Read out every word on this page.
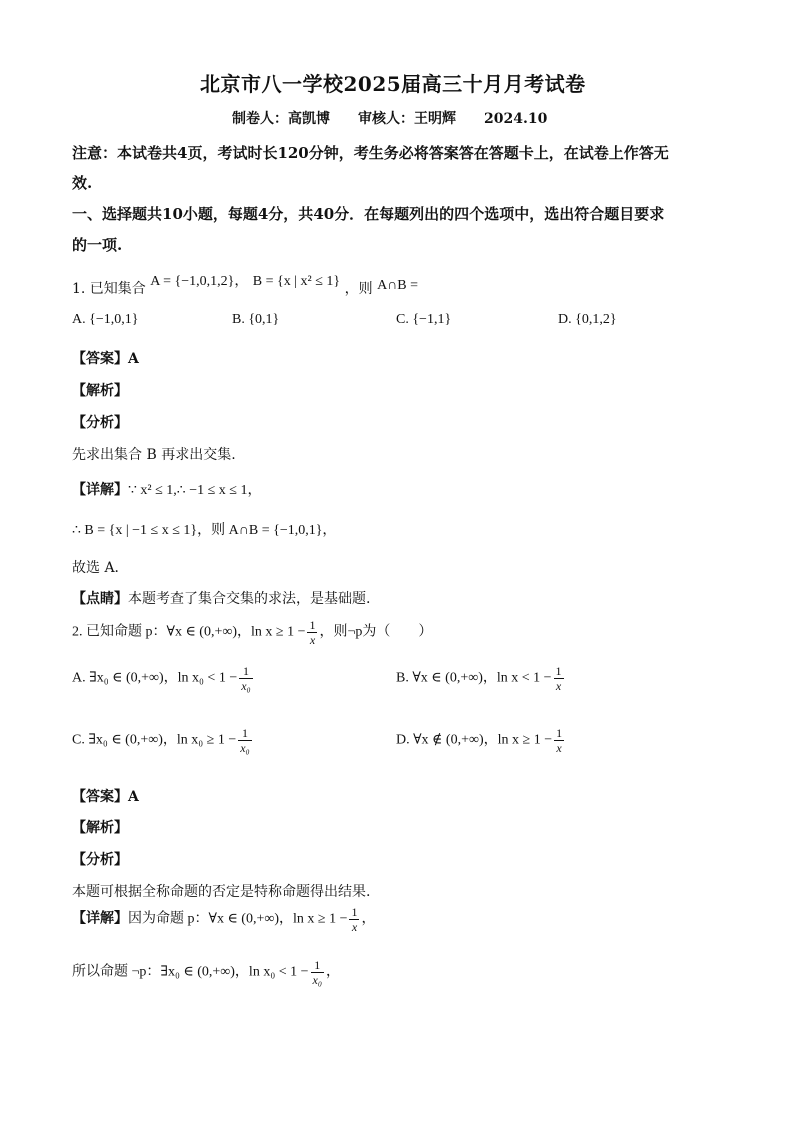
北京市八一学校2025届高三十月月考试卷
制卷人：高凯博　　审核人：王明辉　　2024.10
注意：本试卷共4页，考试时长120分钟，考生务必将答案答在答题卡上，在试卷上作答无
效.
一、选择题共10小题，每题4分，共40分．在每题列出的四个选项中，选出符合题目要求
的一项.
1. 已知集合 A = {−1,0,1,2}， B = {x | x² ≤ 1} ，则 A∩B =
A. {−1,0,1}	B. {0,1}	C. {−1,1}	D. {0,1,2}
【答案】A
【解析】
【分析】
先求出集合 B 再求出交集.
【详解】∵ x² ≤ 1,∴ −1 ≤ x ≤ 1，
∴ B = {x | −1 ≤ x ≤ 1}，则 A∩B = {−1,0,1}，
故选 A．
【点睛】本题考查了集合交集的求法，是基础题.
2. 已知命题 p：∀x ∈ (0,+∞)，$\ln x \ge 1 - \frac{1}{x}$ ，则¬p为（　　）
A. ∃x₀ ∈ (0,+∞)，$\ln x_0 < 1 - \frac{1}{\text{x₀}}$	B. ∀x ∈ (0,+∞)，$\ln x < 1 - \frac{1}{x}$
C. ∃x₀ ∈ (0,+∞)，$\ln x_0 \ge 1 - \frac{1}{\text{x₀}}$	D. ∀x ∉ (0,+∞)，$\ln x \ge 1 - \frac{1}{x}$
【答案】A
【解析】
【分析】
本题可根据全称命题的否定是特称命题得出结果.
【详解】因为命题 p：∀x ∈ (0,+∞)，$\ln x \ge 1 - \frac{1}{x}$ ，
所以命题 ¬p：∃x₀ ∈ (0,+∞)，$\ln x_0 < 1 - \frac{1}{\text{x₀}}$ ，
